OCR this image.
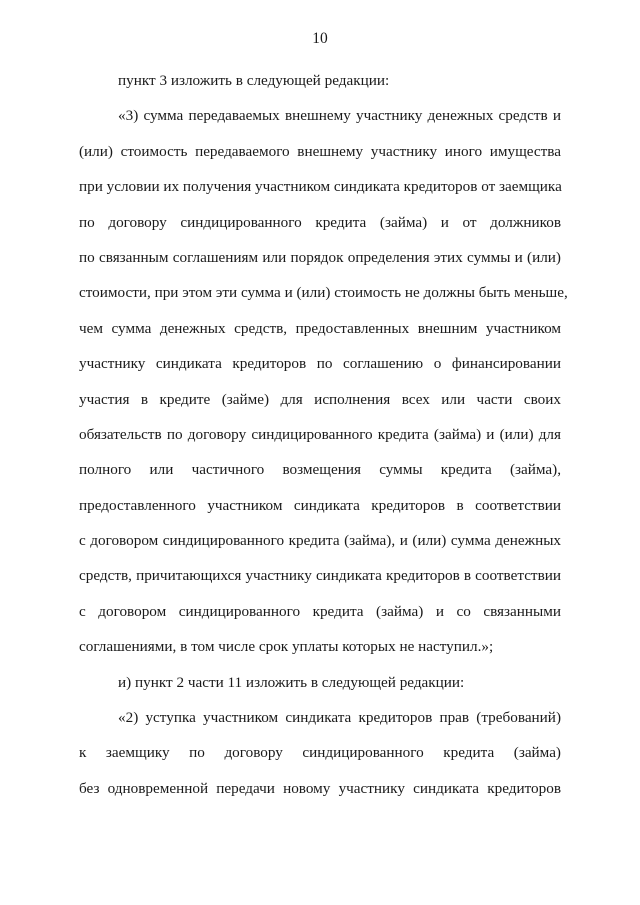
10
пункт 3 изложить в следующей редакции:
«3) сумма передаваемых внешнему участнику денежных средств и
(или) стоимость передаваемого внешнему участнику иного имущества
при условии их получения участником синдиката кредиторов от заемщика
по договору синдицированного кредита (займа) и от должников
по связанным соглашениям или порядок определения этих суммы и (или)
стоимости, при этом эти сумма и (или) стоимость не должны быть меньше,
чем сумма денежных средств, предоставленных внешним участником
участнику синдиката кредиторов по соглашению о финансировании
участия в кредите (займе) для исполнения всех или части своих
обязательств по договору синдицированного кредита (займа) и (или) для
полного или частичного возмещения суммы кредита (займа),
предоставленного участником синдиката кредиторов в соответствии
с договором синдицированного кредита (займа), и (или) сумма денежных
средств, причитающихся участнику синдиката кредиторов в соответствии
с договором синдицированного кредита (займа) и со связанными
соглашениями, в том числе срок уплаты которых не наступил.»;
и) пункт 2 части 11 изложить в следующей редакции:
«2) уступка участником синдиката кредиторов прав (требований)
к заемщику по договору синдицированного кредита (займа)
без одновременной передачи новому участнику синдиката кредиторов
